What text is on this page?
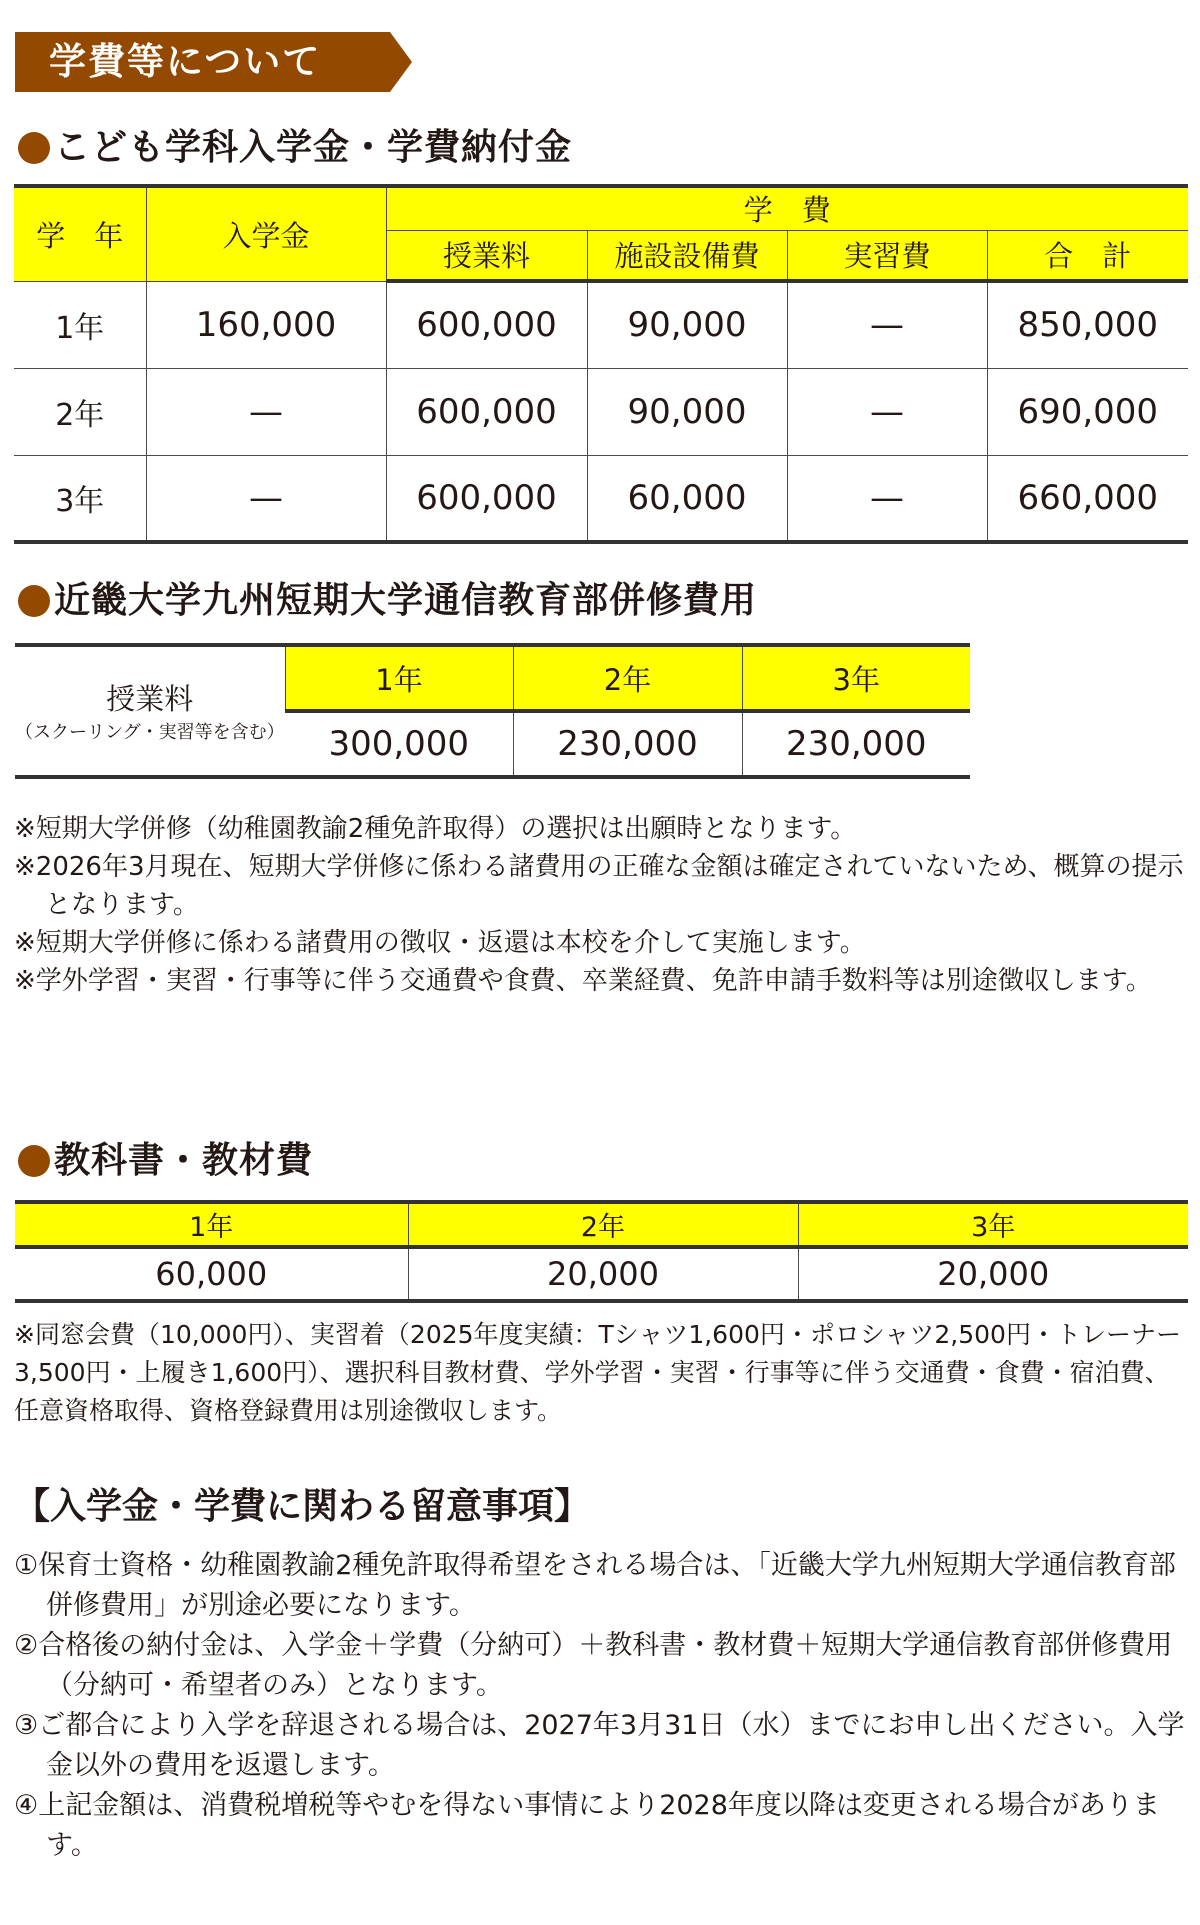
学費等について
こども学科入学金・学費納付金
学　年	入学金	学　費			
		授業料	施設設備費	実習費	合　計
1年	160,000	600,000	90,000	—	850,000
2年	—	600,000	90,000	—	690,000
3年	—	600,000	60,000	—	660,000
近畿大学九州短期大学通信教育部併修費用
授業料
（スクーリング・実習等を含む）	1年	2年	3年
	300,000	230,000	230,000
※短期大学併修（幼稚園教諭2種免許取得）の選択は出願時となります。
※2026年3月現在、短期大学併修に係わる諸費用の正確な金額は確定されていないため、概算の提示となります。
※短期大学併修に係わる諸費用の徴収・返還は本校を介して実施します。
※学外学習・実習・行事等に伴う交通費や食費、卒業経費、免許申請手数料等は別途徴収します。
教科書・教材費
1年	2年	3年
60,000	20,000	20,000
※同窓会費（10,000円）、実習着（2025年度実績：Tシャツ1,600円・ポロシャツ2,500円・トレーナー3,500円・上履き1,600円）、選択科目教材費、学外学習・実習・行事等に伴う交通費・食費・宿泊費、任意資格取得、資格登録費用は別途徴収します。
【入学金・学費に関わる留意事項】
①保育士資格・幼稚園教諭2種免許取得希望をされる場合は、「近畿大学九州短期大学通信教育部併修費用」が別途必要になります。
②合格後の納付金は、入学金＋学費（分納可）＋教科書・教材費＋短期大学通信教育部併修費用（分納可・希望者のみ）となります。
③ご都合により入学を辞退される場合は、2027年3月31日（水）までにお申し出ください。入学金以外の費用を返還します。
④上記金額は、消費税増税等やむを得ない事情により2028年度以降は変更される場合があります。
